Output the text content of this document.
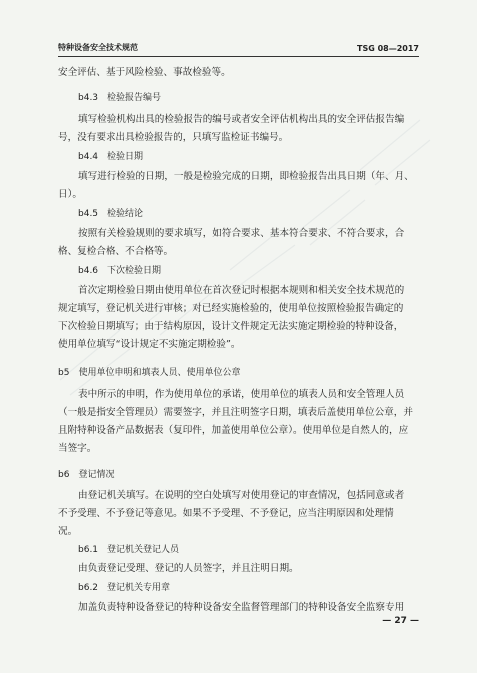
特种设备安全技术规范	TSG 08—2017
安全评估、基于风险检验、事故检验等。
b4.3　检验报告编号
填写检验机构出具的检验报告的编号或者安全评估机构出具的安全评估报告编
号，没有要求出具检验报告的，只填写监检证书编号。
b4.4　检验日期
填写进行检验的日期，一般是检验完成的日期，即检验报告出具日期（年、月、
日）。
b4.5　检验结论
按照有关检验规则的要求填写，如符合要求、基本符合要求、不符合要求，合
格、复检合格、不合格等。
b4.6　下次检验日期
首次定期检验日期由使用单位在首次登记时根据本规则和相关安全技术规范的
规定填写，登记机关进行审核；对已经实施检验的，使用单位按照检验报告确定的
下次检验日期填写；由于结构原因，设计文件规定无法实施定期检验的特种设备，
使用单位填写“设计规定不实施定期检验”。
b5　使用单位申明和填表人员、使用单位公章
表中所示的申明，作为使用单位的承诺，使用单位的填表人员和安全管理人员
（一般是指安全管理员）需要签字，并且注明签字日期，填表后盖使用单位公章，并
且附特种设备产品数据表（复印件，加盖使用单位公章）。使用单位是自然人的，应
当签字。
b6　登记情况
由登记机关填写。在说明的空白处填写对使用登记的审查情况，包括同意或者
不予受理、不予登记等意见。如果不予受理、不予登记，应当注明原因和处理情
况。
b6.1　登记机关登记人员
由负责登记受理、登记的人员签字，并且注明日期。
b6.2　登记机关专用章
加盖负责特种设备登记的特种设备安全监督管理部门的特种设备安全监察专用
— 27 —
